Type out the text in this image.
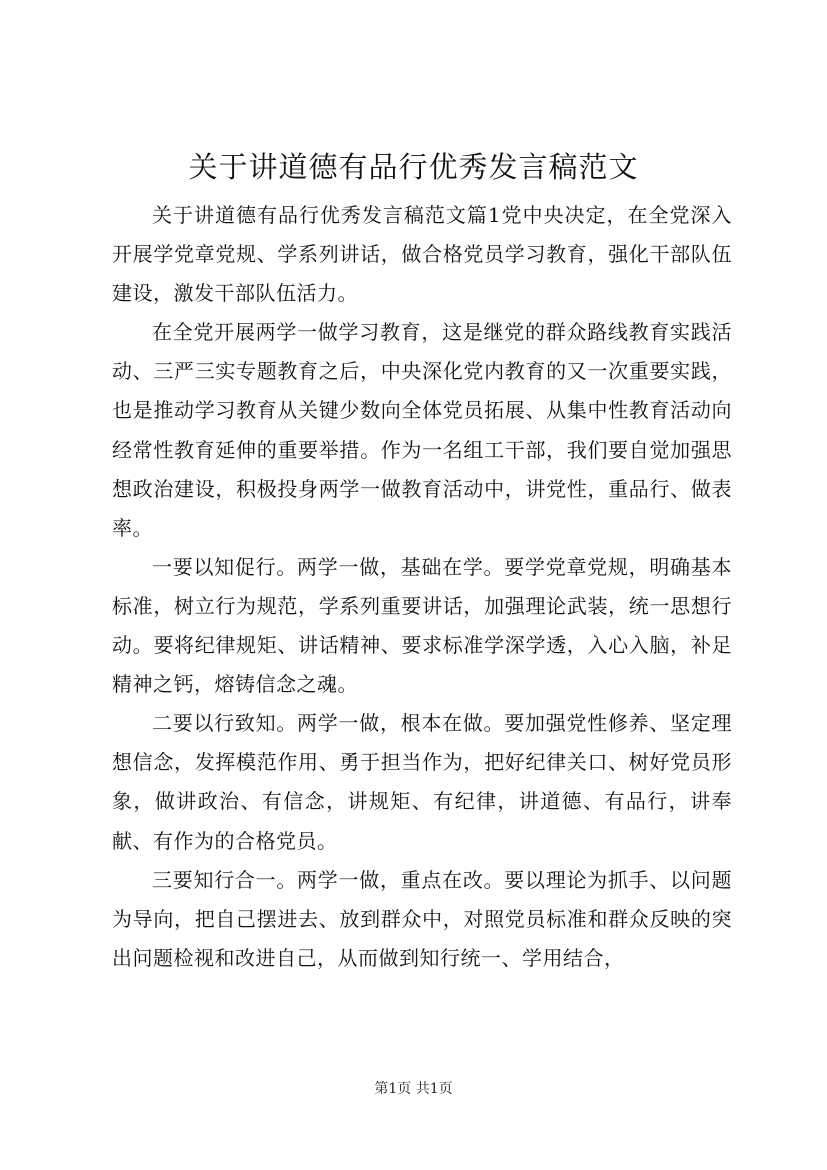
关于讲道德有品行优秀发言稿范文

关于讲道德有品行优秀发言稿范文篇1党中央决定，在全党深入开展学党章党规、学系列讲话，做合格党员学习教育，强化干部队伍建设，激发干部队伍活力。

在全党开展两学一做学习教育，这是继党的群众路线教育实践活动、三严三实专题教育之后，中央深化党内教育的又一次重要实践，也是推动学习教育从关键少数向全体党员拓展、从集中性教育活动向经常性教育延伸的重要举措。作为一名组工干部，我们要自觉加强思想政治建设，积极投身两学一做教育活动中，讲党性，重品行、做表率。

一要以知促行。两学一做，基础在学。要学党章党规，明确基本标准，树立行为规范，学系列重要讲话，加强理论武装，统一思想行动。要将纪律规矩、讲话精神、要求标准学深学透，入心入脑，补足精神之钙，熔铸信念之魂。

二要以行致知。两学一做，根本在做。要加强党性修养、坚定理想信念，发挥模范作用、勇于担当作为，把好纪律关口、树好党员形象，做讲政治、有信念，讲规矩、有纪律，讲道德、有品行，讲奉献、有作为的合格党员。

三要知行合一。两学一做，重点在改。要以理论为抓手、以问题为导向，把自己摆进去、放到群众中，对照党员标准和群众反映的突出问题检视和改进自己，从而做到知行统一、学用结合，

第1页 共1页
